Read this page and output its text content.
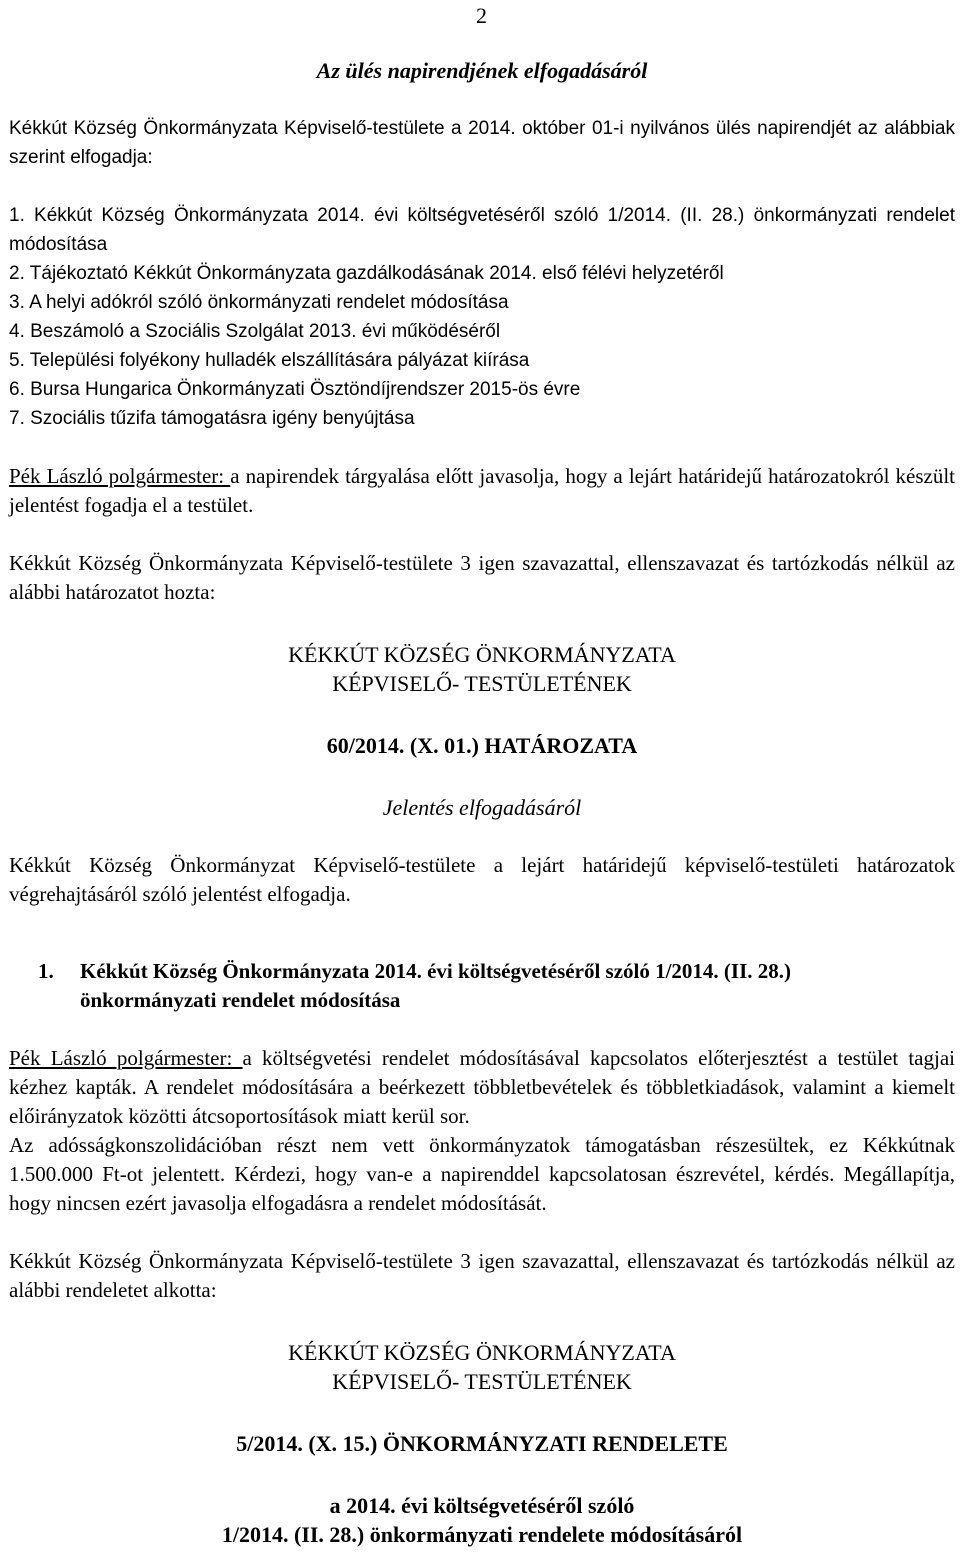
2

Az ülés napirendjének elfogadásáról

Kékkút Község Önkormányzata Képviselő-testülete a 2014. október 01-i nyilvános ülés napirendjét az alábbiak szerint elfogadja:

1. Kékkút Község Önkormányzata 2014. évi költségvetéséről szóló 1/2014. (II. 28.) önkormányzati rendelet módosítása

2. Tájékoztató Kékkút Önkormányzata gazdálkodásának 2014. első félévi helyzetéről

3. A helyi adókról szóló önkormányzati rendelet módosítása

4. Beszámoló a Szociális Szolgálat 2013. évi működéséről

5. Települési folyékony hulladék elszállítására pályázat kiírása

6. Bursa Hungarica Önkormányzati Ösztöndíjrendszer 2015-ös évre

7. Szociális tűzifa támogatásra igény benyújtása

Pék László polgármester: a napirendek tárgyalása előtt javasolja, hogy a lejárt határidejű határozatokról készült jelentést fogadja el a testület.

Kékkút Község Önkormányzata Képviselő-testülete 3 igen szavazattal, ellenszavazat és tartózkodás nélkül az alábbi határozatot hozta:

KÉKKÚT KÖZSÉG ÖNKORMÁNYZATA

KÉPVISELŐ- TESTÜLETÉNEK

60/2014. (X. 01.) HATÁROZATA

Jelentés elfogadásáról

Kékkút Község Önkormányzat Képviselő-testülete a lejárt határidejű képviselő-testületi határozatok végrehajtásáról szóló jelentést elfogadja.

1. Kékkút Község Önkormányzata 2014. évi költségvetéséről szóló 1/2014. (II. 28.)

önkormányzati rendelet módosítása

Pék László polgármester: a költségvetési rendelet módosításával kapcsolatos előterjesztést a testület tagjai kézhez kapták. A rendelet módosítására a beérkezett többletbevételek és többletkiadások, valamint a kiemelt előirányzatok közötti átcsoportosítások miatt kerül sor.

Az adósságkonszolidációban részt nem vett önkormányzatok támogatásban részesültek, ez Kékkútnak 1.500.000 Ft-ot jelentett. Kérdezi, hogy van-e a napirenddel kapcsolatosan észrevétel, kérdés. Megállapítja, hogy nincsen ezért javasolja elfogadásra a rendelet módosítását.

Kékkút Község Önkormányzata Képviselő-testülete 3 igen szavazattal, ellenszavazat és tartózkodás nélkül az alábbi rendeletet alkotta:

KÉKKÚT KÖZSÉG ÖNKORMÁNYZATA

KÉPVISELŐ- TESTÜLETÉNEK

5/2014. (X. 15.) ÖNKORMÁNYZATI RENDELETE

a 2014. évi költségvetéséről szóló

1/2014. (II. 28.) önkormányzati rendelete módosításáról
